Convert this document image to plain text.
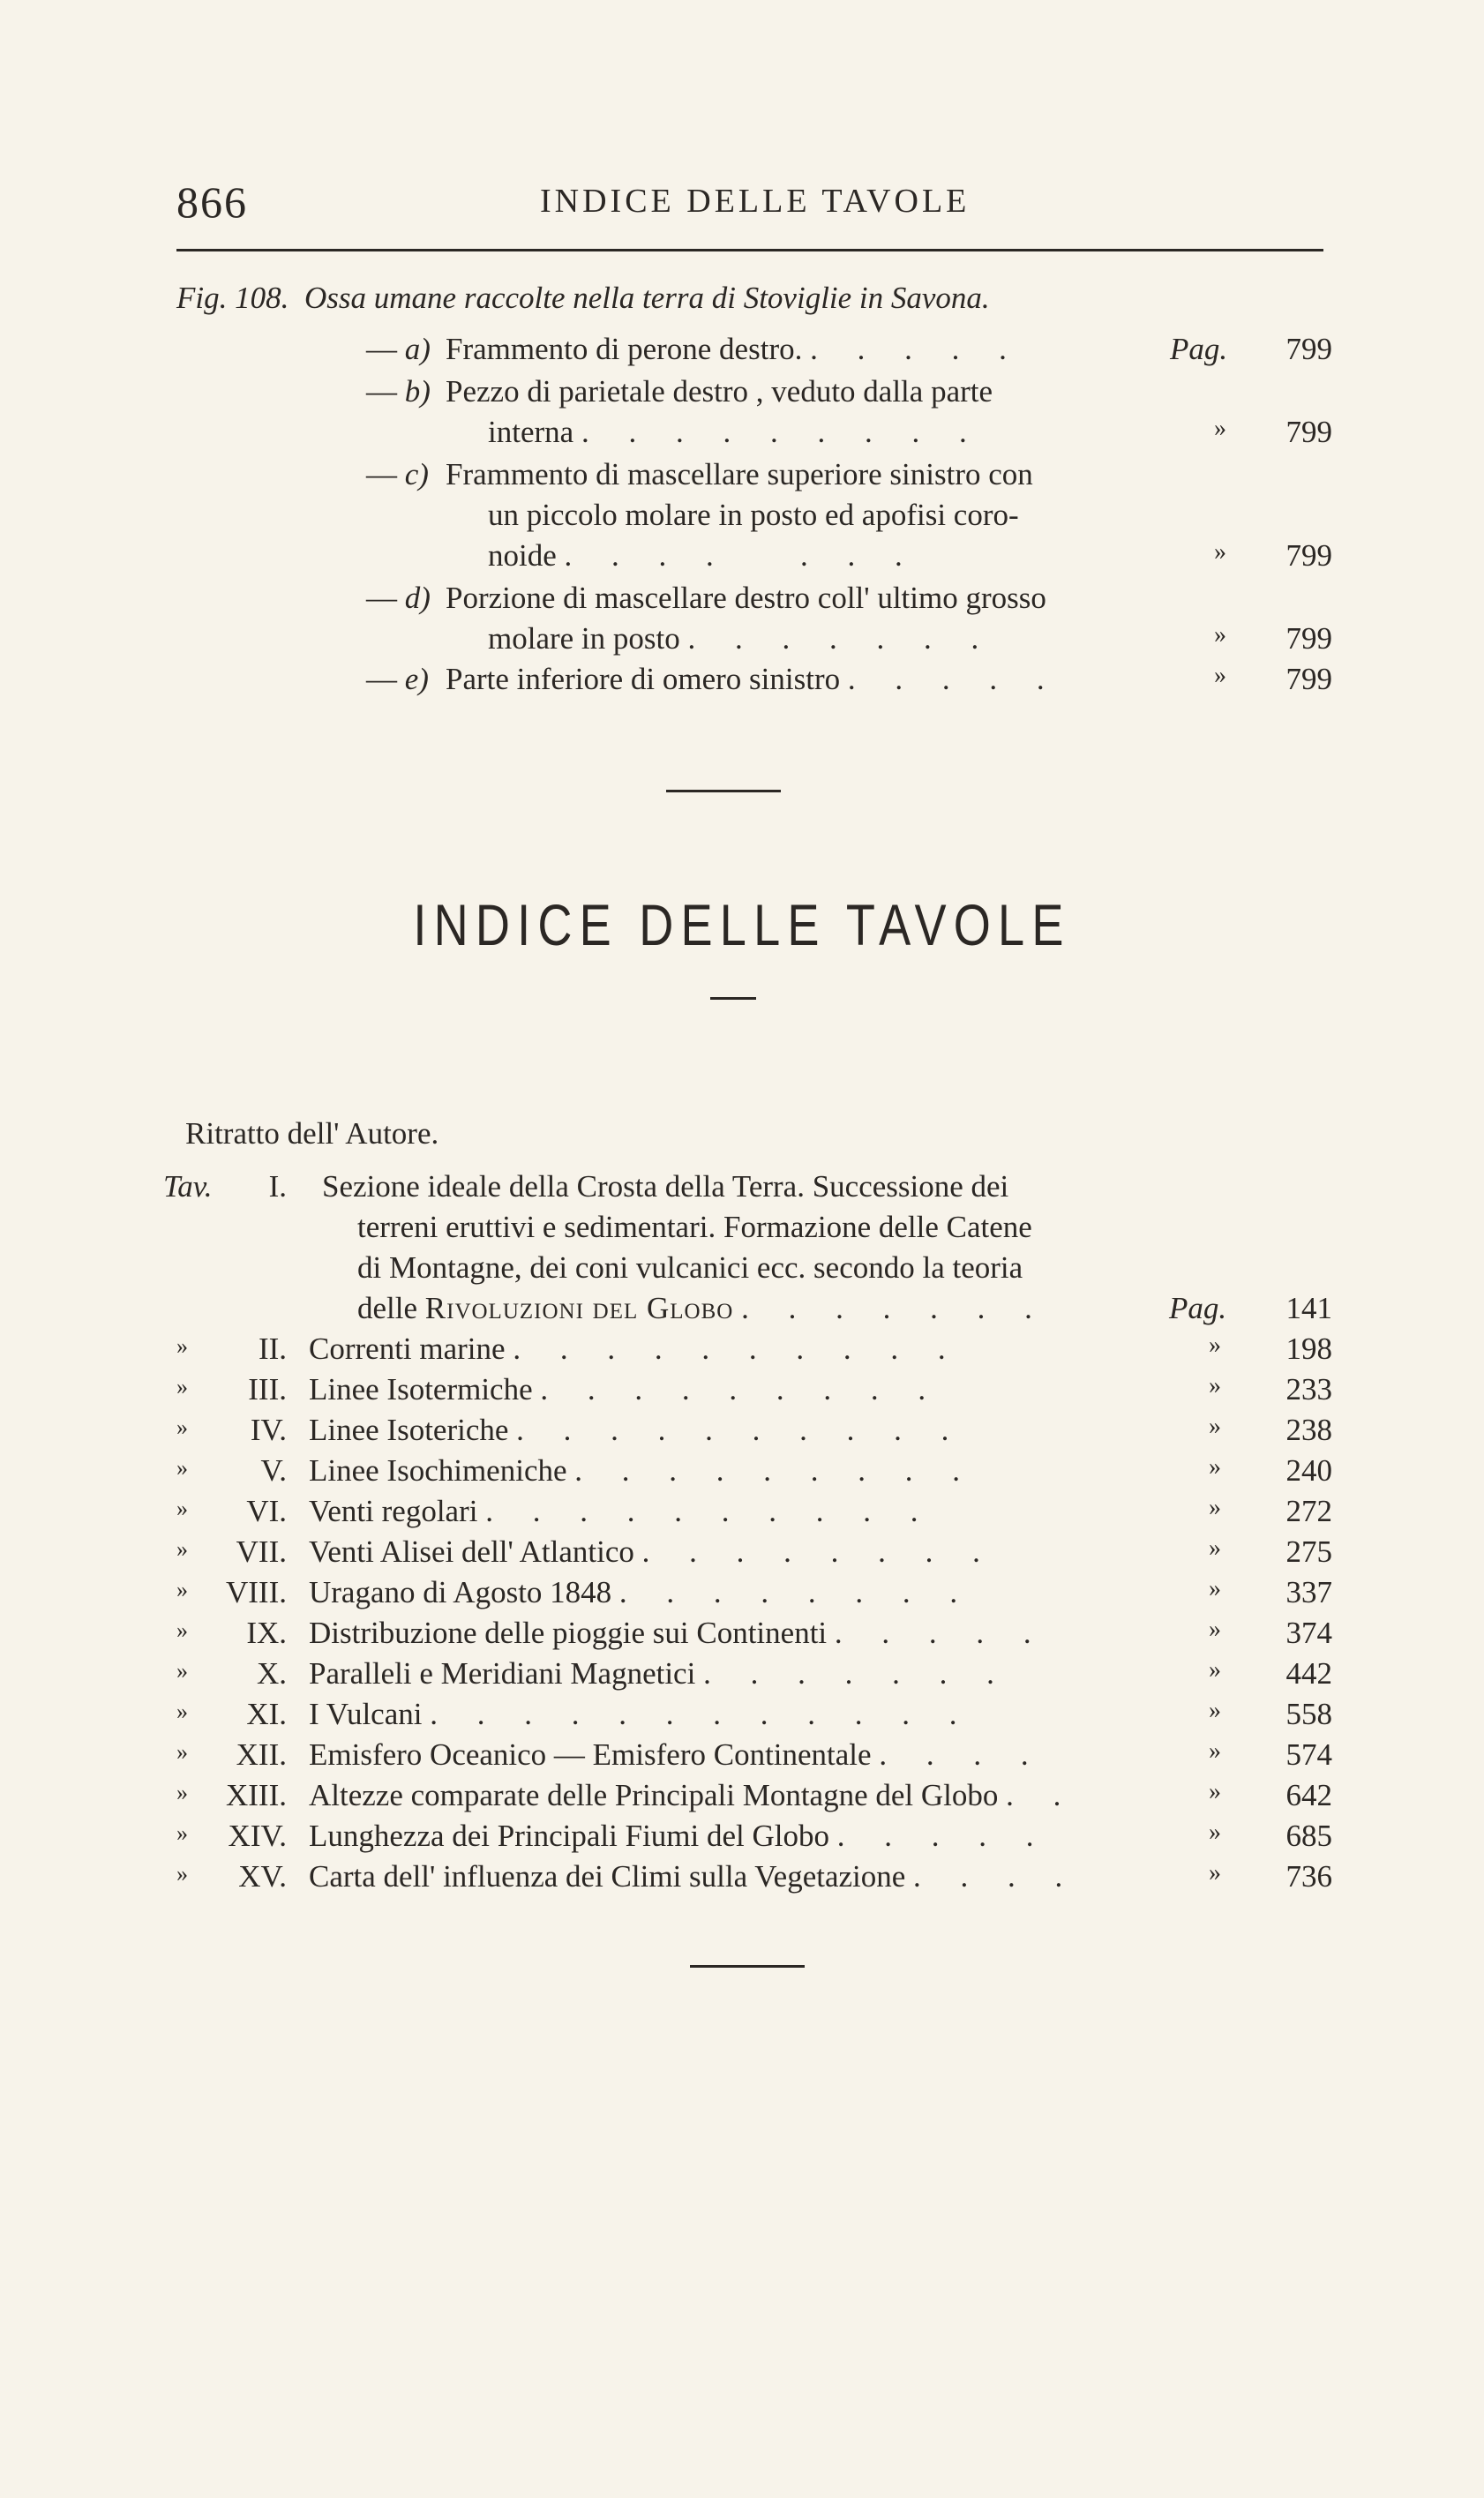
866	INDICE DELLE TAVOLE
Fig. 108. Ossa umane raccolte nella terra di Stoviglie in Savona.
— a) Frammento di perone destro. . . . . .	Pag. 799
— b) Pezzo di parietale destro , veduto dalla parte
interna . . . . . . . . .	» 799
— c) Frammento di mascellare superiore sinistro con
un piccolo molare in posto ed apofisi coro-
noide . . . .   . . .	» 799
— d) Porzione di mascellare destro coll' ultimo grosso
molare in posto . . . . . . .	» 799
— e) Parte inferiore di omero sinistro . . . . .	» 799
INDICE DELLE TAVOLE
Ritratto dell' Autore.
Tav.	I. Sezione ideale della Crosta della Terra. Successione dei
terreni eruttivi e sedimentari. Formazione delle Catene
di Montagne, dei coni vulcanici ecc. secondo la teoria
delle Rivoluzioni del Globo . . . . . . .	Pag. 141
»	II. Correnti marine . . . . . . . . . .	» 198
»	III. Linee Isotermiche . . . . . . . . .	» 233
»	IV. Linee Isoteriche . . . . . . . . . .	» 238
»	V. Linee Isochimeniche . . . . . . . . .	» 240
»	VI. Venti regolari . . . . . . . . . .	» 272
»	VII. Venti Alisei dell' Atlantico . . . . . . . .	» 275
»	VIII. Uragano di Agosto 1848 . . . . . . . .	» 337
»	IX. Distribuzione delle pioggie sui Continenti . . . . .	» 374
»	X. Paralleli e Meridiani Magnetici . . . . . . .	» 442
»	XI. I Vulcani . . . . . . . . . . . .	» 558
»	XII. Emisfero Oceanico — Emisfero Continentale . . . .	» 574
»	XIII. Altezze comparate delle Principali Montagne del Globo . .	» 642
»	XIV. Lunghezza dei Principali Fiumi del Globo . . . . .	» 685
»	XV. Carta dell' influenza dei Climi sulla Vegetazione . . . .	» 736
